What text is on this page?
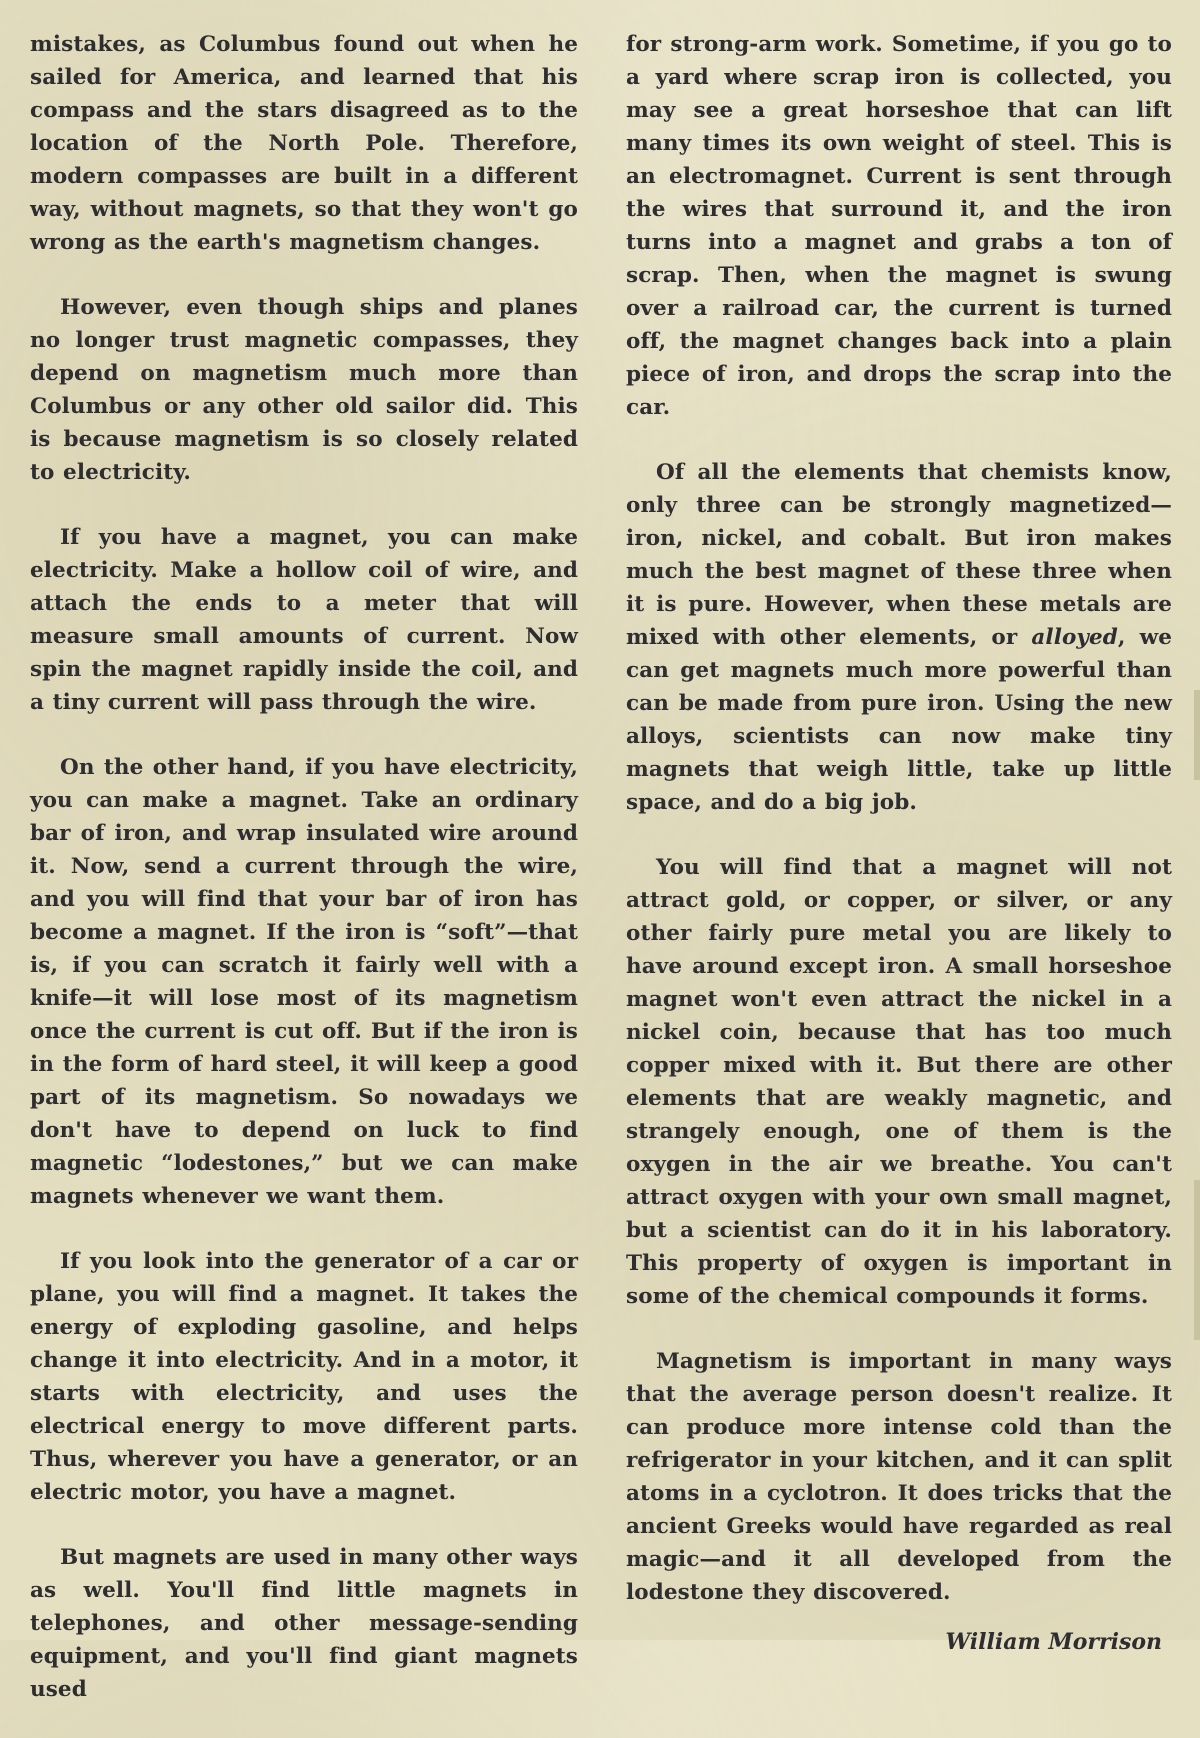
mistakes, as Columbus found out when he sailed for America, and learned that his compass and the stars disagreed as to the location of the North Pole. Therefore, modern compasses are built in a different way, without magnets, so that they won't go wrong as the earth's magnetism changes.

However, even though ships and planes no longer trust magnetic compasses, they depend on magnetism much more than Columbus or any other old sailor did. This is because magnetism is so closely related to electricity.

If you have a magnet, you can make electricity. Make a hollow coil of wire, and attach the ends to a meter that will measure small amounts of current. Now spin the magnet rapidly inside the coil, and a tiny current will pass through the wire.

On the other hand, if you have electricity, you can make a magnet. Take an ordinary bar of iron, and wrap insulated wire around it. Now, send a current through the wire, and you will find that your bar of iron has become a magnet. If the iron is “soft”—that is, if you can scratch it fairly well with a knife—it will lose most of its magnetism once the current is cut off. But if the iron is in the form of hard steel, it will keep a good part of its magnetism. So nowadays we don't have to depend on luck to find magnetic “lodestones,” but we can make magnets whenever we want them.

If you look into the generator of a car or plane, you will find a magnet. It takes the energy of exploding gasoline, and helps change it into electricity. And in a motor, it starts with electricity, and uses the electrical energy to move different parts. Thus, wherever you have a generator, or an electric motor, you have a magnet.

But magnets are used in many other ways as well. You'll find little magnets in telephones, and other message-sending equipment, and you'll find giant magnets used

for strong-arm work. Sometime, if you go to a yard where scrap iron is collected, you may see a great horseshoe that can lift many times its own weight of steel. This is an electromagnet. Current is sent through the wires that surround it, and the iron turns into a magnet and grabs a ton of scrap. Then, when the magnet is swung over a railroad car, the current is turned off, the magnet changes back into a plain piece of iron, and drops the scrap into the car.

Of all the elements that chemists know, only three can be strongly magnetized—iron, nickel, and cobalt. But iron makes much the best magnet of these three when it is pure. However, when these metals are mixed with other elements, or alloyed, we can get magnets much more powerful than can be made from pure iron. Using the new alloys, scientists can now make tiny magnets that weigh little, take up little space, and do a big job.

You will find that a magnet will not attract gold, or copper, or silver, or any other fairly pure metal you are likely to have around except iron. A small horseshoe magnet won't even attract the nickel in a nickel coin, because that has too much copper mixed with it. But there are other elements that are weakly magnetic, and strangely enough, one of them is the oxygen in the air we breathe. You can't attract oxygen with your own small magnet, but a scientist can do it in his laboratory. This property of oxygen is important in some of the chemical compounds it forms.

Magnetism is important in many ways that the average person doesn't realize. It can produce more intense cold than the refrigerator in your kitchen, and it can split atoms in a cyclotron. It does tricks that the ancient Greeks would have regarded as real magic—and it all developed from the lodestone they discovered.

William Morrison
